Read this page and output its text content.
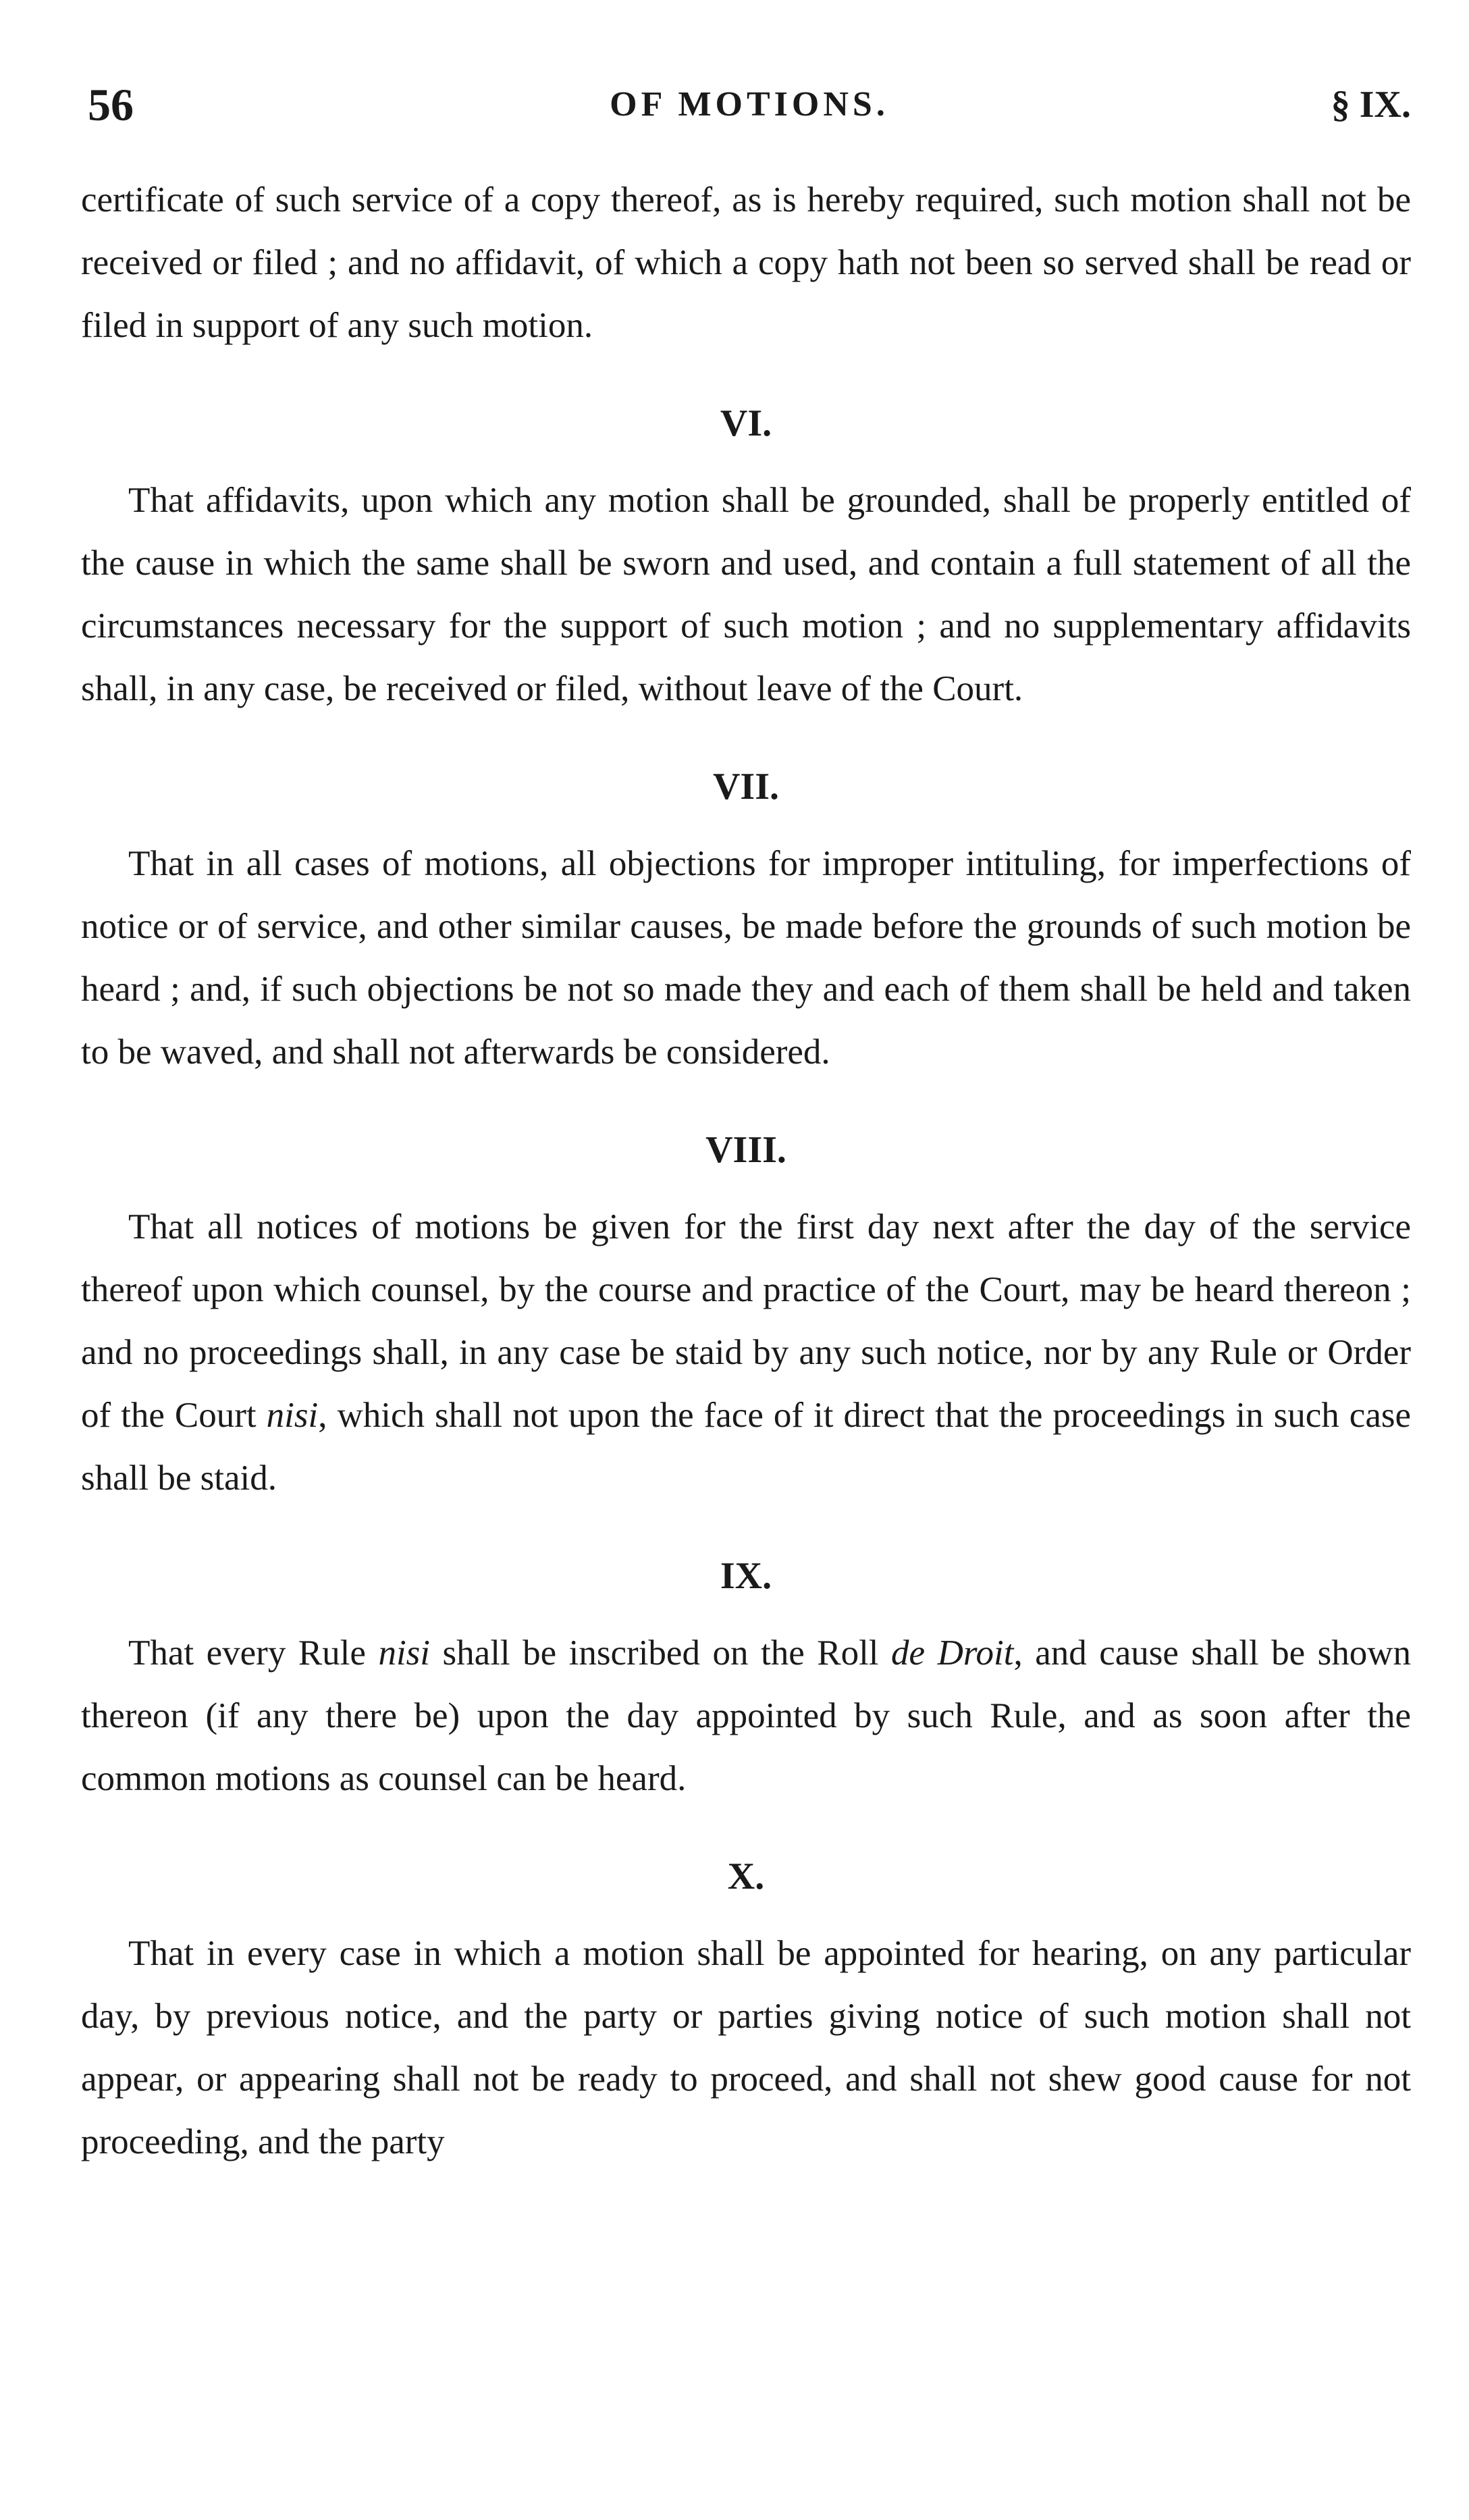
56	OF MOTIONS.	§ IX.

certificate of such service of a copy thereof, as is hereby required, such motion shall not be received or filed ; and no affidavit, of which a copy hath not been so served shall be read or filed in support of any such motion.

VI.

That affidavits, upon which any motion shall be grounded, shall be properly entitled of the cause in which the same shall be sworn and used, and contain a full statement of all the circumstances necessary for the support of such motion ; and no supplementary affidavits shall, in any case, be received or filed, without leave of the Court.

VII.

That in all cases of motions, all objections for improper intituling, for imperfections of notice or of service, and other similar causes, be made before the grounds of such motion be heard ; and, if such objections be not so made they and each of them shall be held and taken to be waved, and shall not afterwards be considered.

VIII.

That all notices of motions be given for the first day next after the day of the service thereof upon which counsel, by the course and practice of the Court, may be heard thereon ; and no proceedings shall, in any case be staid by any such notice, nor by any Rule or Order of the Court nisi, which shall not upon the face of it direct that the proceedings in such case shall be staid.

IX.

That every Rule nisi shall be inscribed on the Roll de Droit, and cause shall be shown thereon (if any there be) upon the day appointed by such Rule, and as soon after the common motions as counsel can be heard.

X.

That in every case in which a motion shall be appointed for hearing, on any particular day, by previous notice, and the party or parties giving notice of such motion shall not appear, or appearing shall not be ready to proceed, and shall not shew good cause for not proceeding, and the party
